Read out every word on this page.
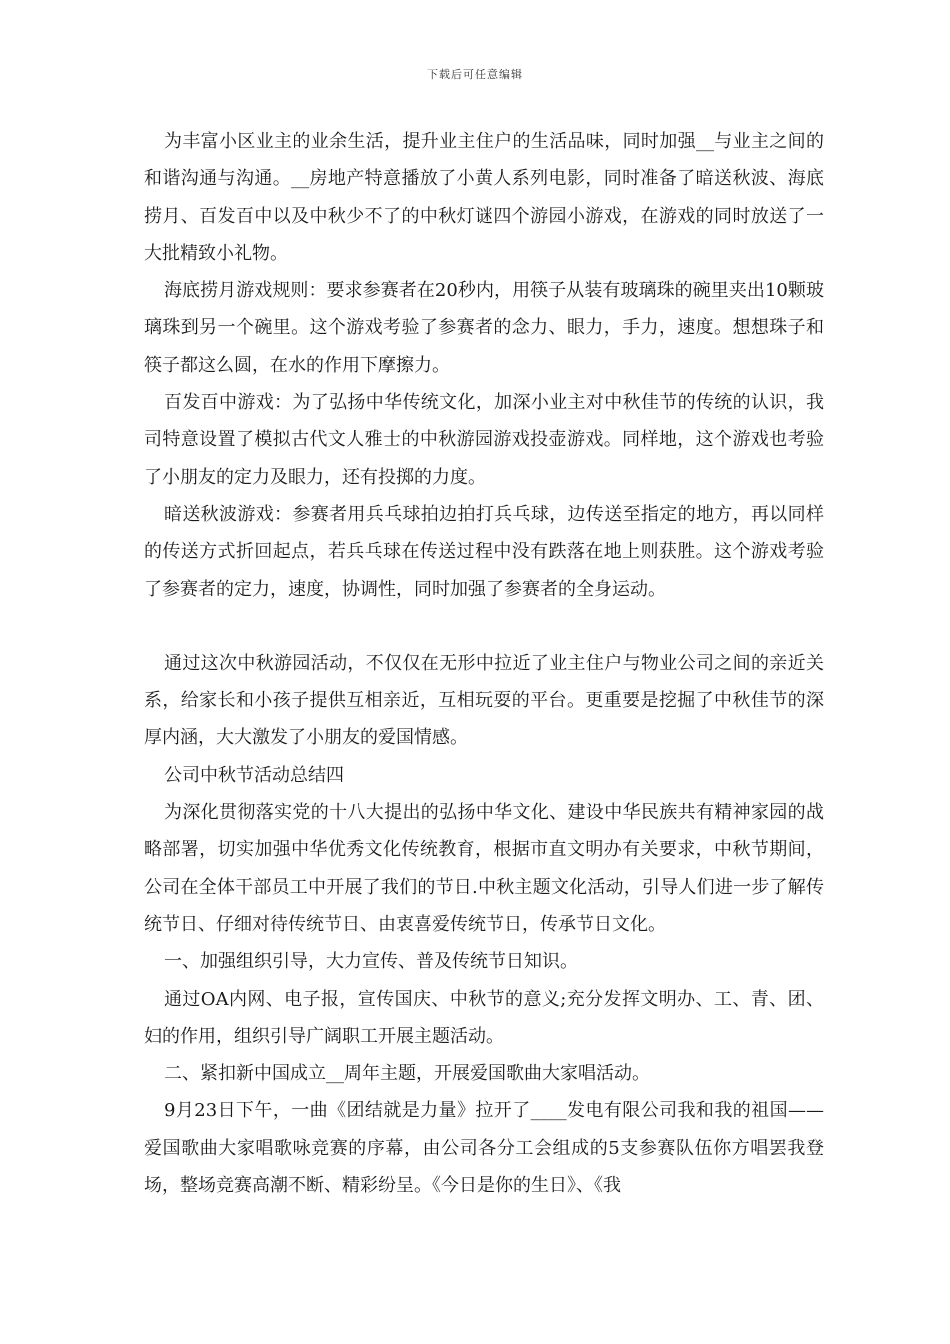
下载后可任意编辑

为丰富小区业主的业余生活，提升业主住户的生活品味，同时加强__与业主之间的和谐沟通与沟通。__房地产特意播放了小黄人系列电影，同时准备了暗送秋波、海底捞月、百发百中以及中秋少不了的中秋灯谜四个游园小游戏，在游戏的同时放送了一大批精致小礼物。

海底捞月游戏规则：要求参赛者在20秒内，用筷子从装有玻璃珠的碗里夹出10颗玻璃珠到另一个碗里。这个游戏考验了参赛者的念力、眼力，手力，速度。想想珠子和筷子都这么圆，在水的作用下摩擦力。

百发百中游戏：为了弘扬中华传统文化，加深小业主对中秋佳节的传统的认识，我司特意设置了模拟古代文人雅士的中秋游园游戏投壶游戏。同样地，这个游戏也考验了小朋友的定力及眼力，还有投掷的力度。

暗送秋波游戏：参赛者用兵乓球拍边拍打兵乓球，边传送至指定的地方，再以同样的传送方式折回起点，若兵乓球在传送过程中没有跌落在地上则获胜。这个游戏考验了参赛者的定力，速度，协调性，同时加强了参赛者的全身运动。

通过这次中秋游园活动，不仅仅在无形中拉近了业主住户与物业公司之间的亲近关系，给家长和小孩子提供互相亲近，互相玩耍的平台。更重要是挖掘了中秋佳节的深厚内涵，大大激发了小朋友的爱国情感。

公司中秋节活动总结四

为深化贯彻落实党的十八大提出的弘扬中华文化、建设中华民族共有精神家园的战略部署，切实加强中华优秀文化传统教育，根据市直文明办有关要求，中秋节期间，公司在全体干部员工中开展了我们的节日.中秋主题文化活动，引导人们进一步了解传统节日、仔细对待传统节日、由衷喜爱传统节日，传承节日文化。

一、加强组织引导，大力宣传、普及传统节日知识。

通过OA内网、电子报，宣传国庆、中秋节的意义;充分发挥文明办、工、青、团、妇的作用，组织引导广阔职工开展主题活动。

二、紧扣新中国成立__周年主题，开展爱国歌曲大家唱活动。

9月23日下午，一曲《团结就是力量》拉开了____发电有限公司我和我的祖国——爱国歌曲大家唱歌咏竞赛的序幕，由公司各分工会组成的5支参赛队伍你方唱罢我登场，整场竞赛高潮不断、精彩纷呈。《今日是你的生日》、《我
